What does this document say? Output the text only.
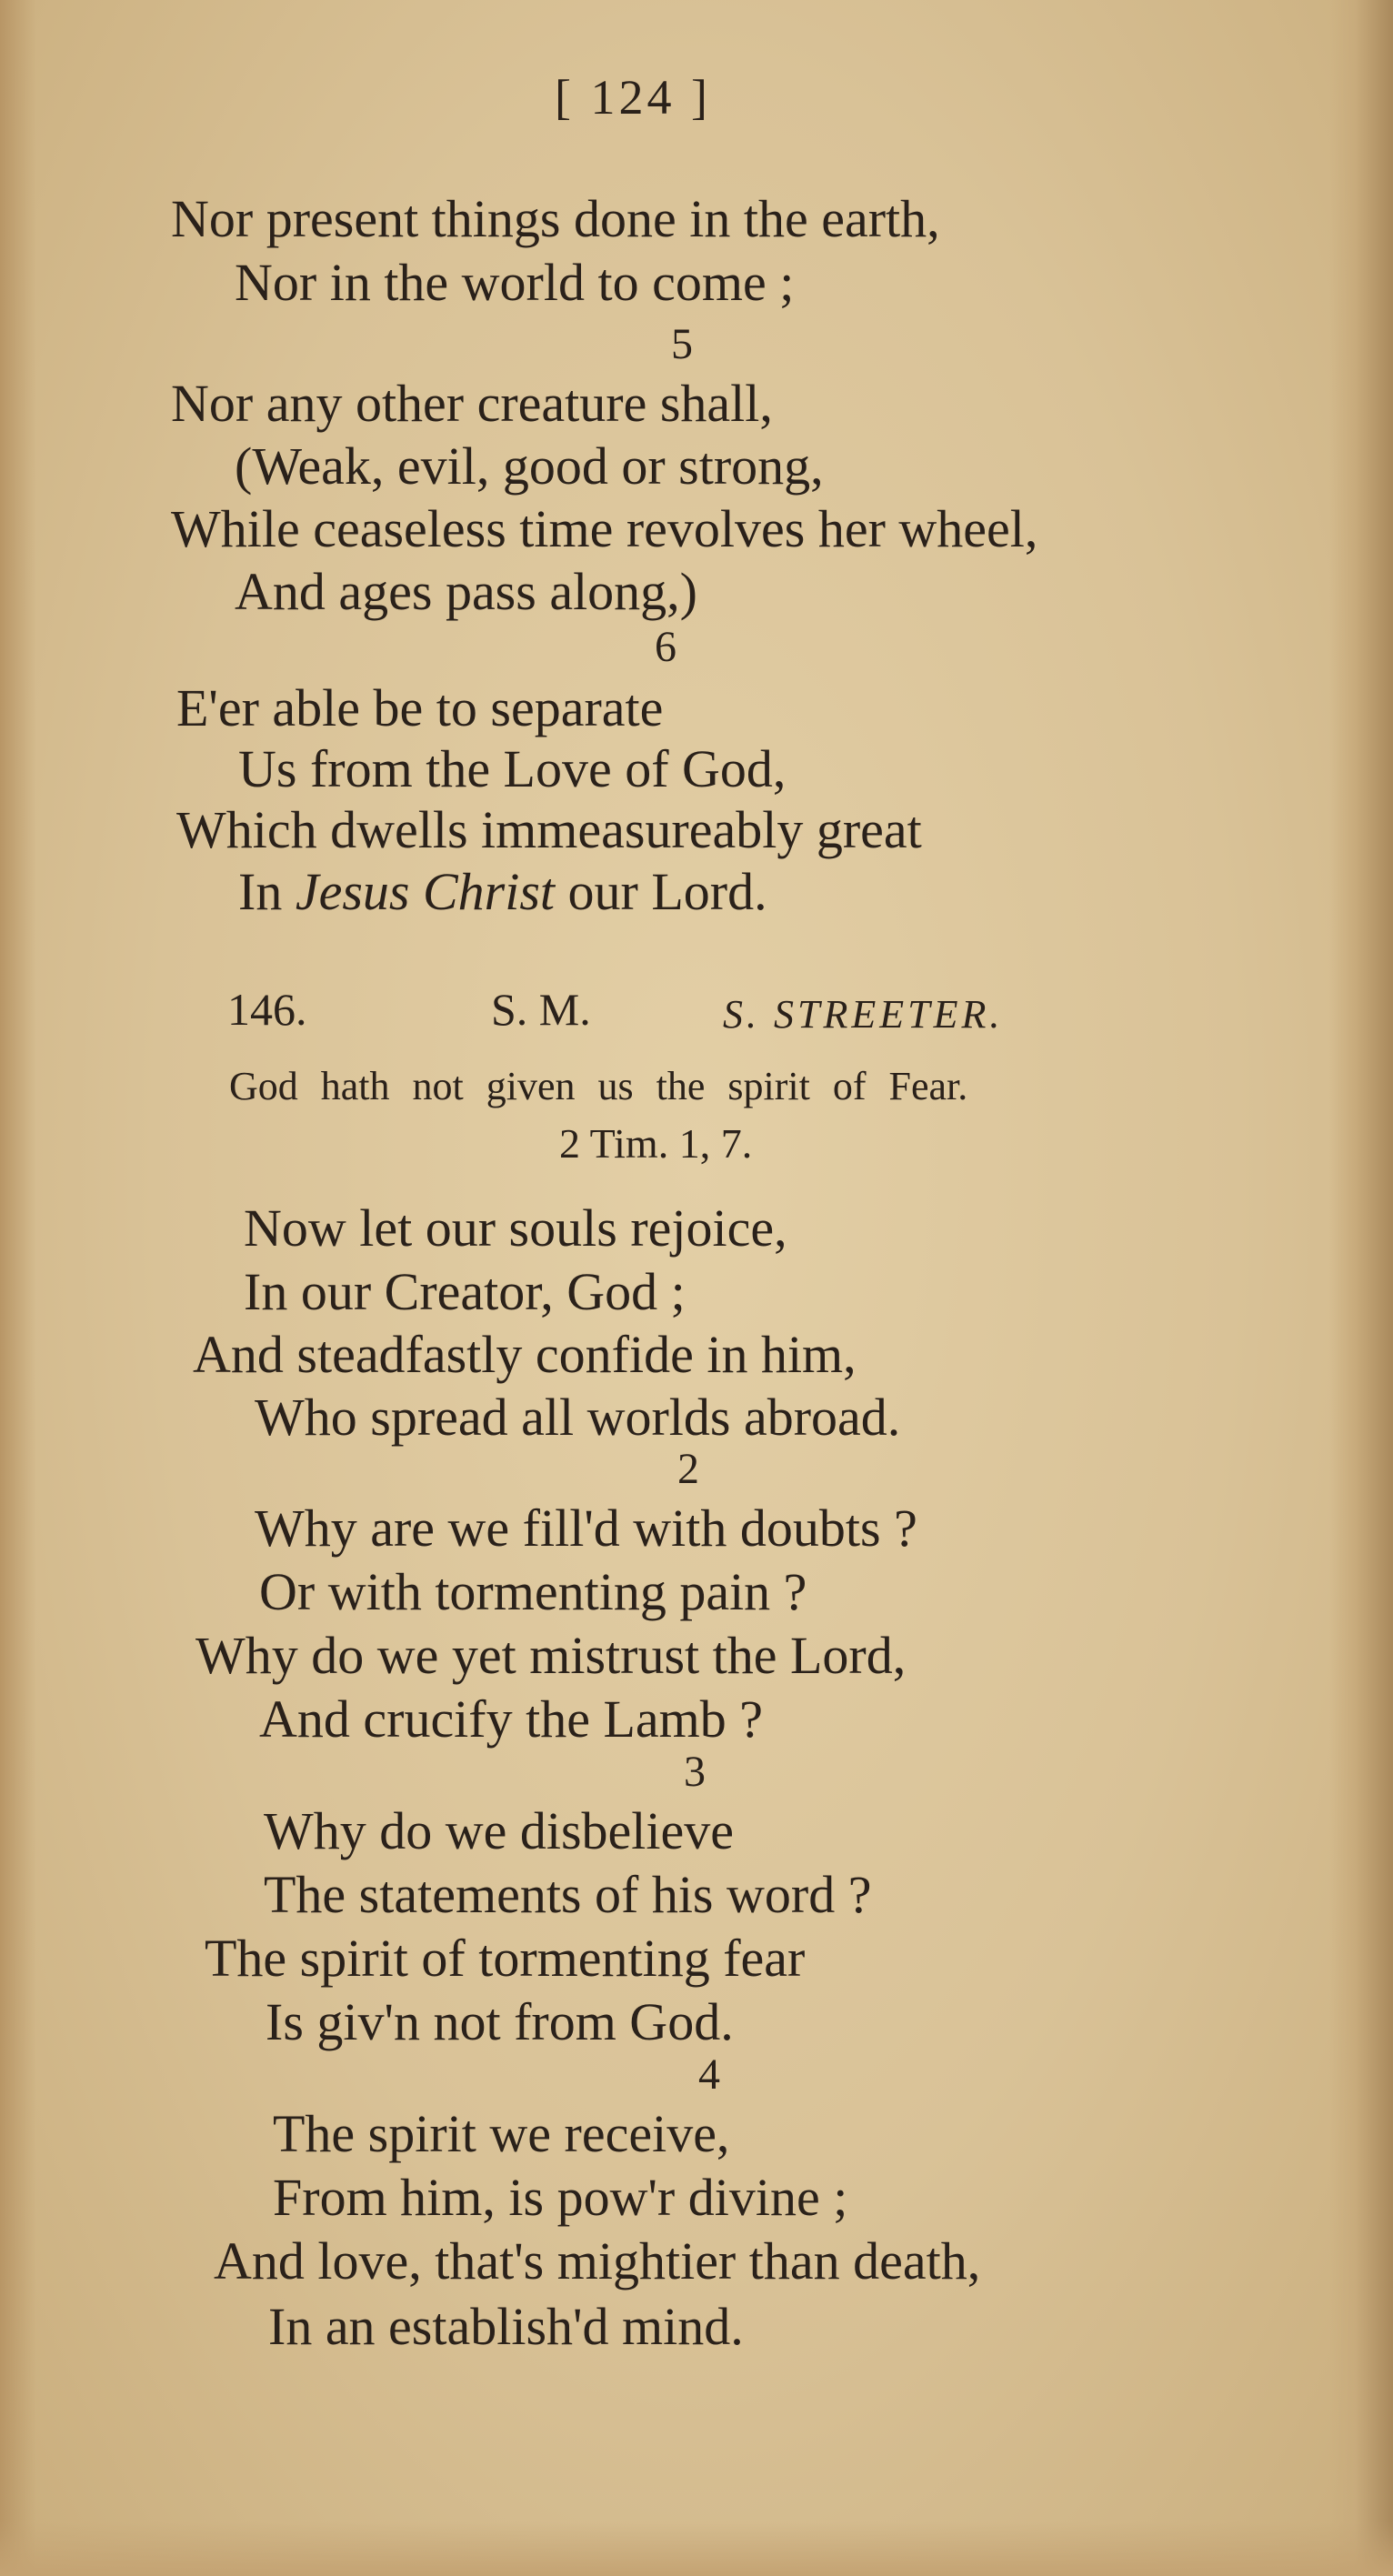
[ 124 ]
Nor present things done in the earth,
Nor in the world to come ;
5
Nor any other creature shall,
(Weak, evil, good or strong,
While ceaseless time revolves her wheel,
And ages pass along,)
6
E'er able be to separate
Us from the Love of God,
Which dwells immeasureably great
In Jesus Christ our Lord.
146.	S. M.	S. STREETER.
God hath not given us the spirit of Fear.
2 Tim. 1, 7.
Now let our souls rejoice,
In our Creator, God ;
And steadfastly confide in him,
Who spread all worlds abroad.
2
Why are we fill'd with doubts ?
Or with tormenting pain ?
Why do we yet mistrust the Lord,
And crucify the Lamb ?
3
Why do we disbelieve
The statements of his word ?
The spirit of tormenting fear
Is giv'n not from God.
4
The spirit we receive,
From him, is pow'r divine ;
And love, that's mightier than death,
In an establish'd mind.
